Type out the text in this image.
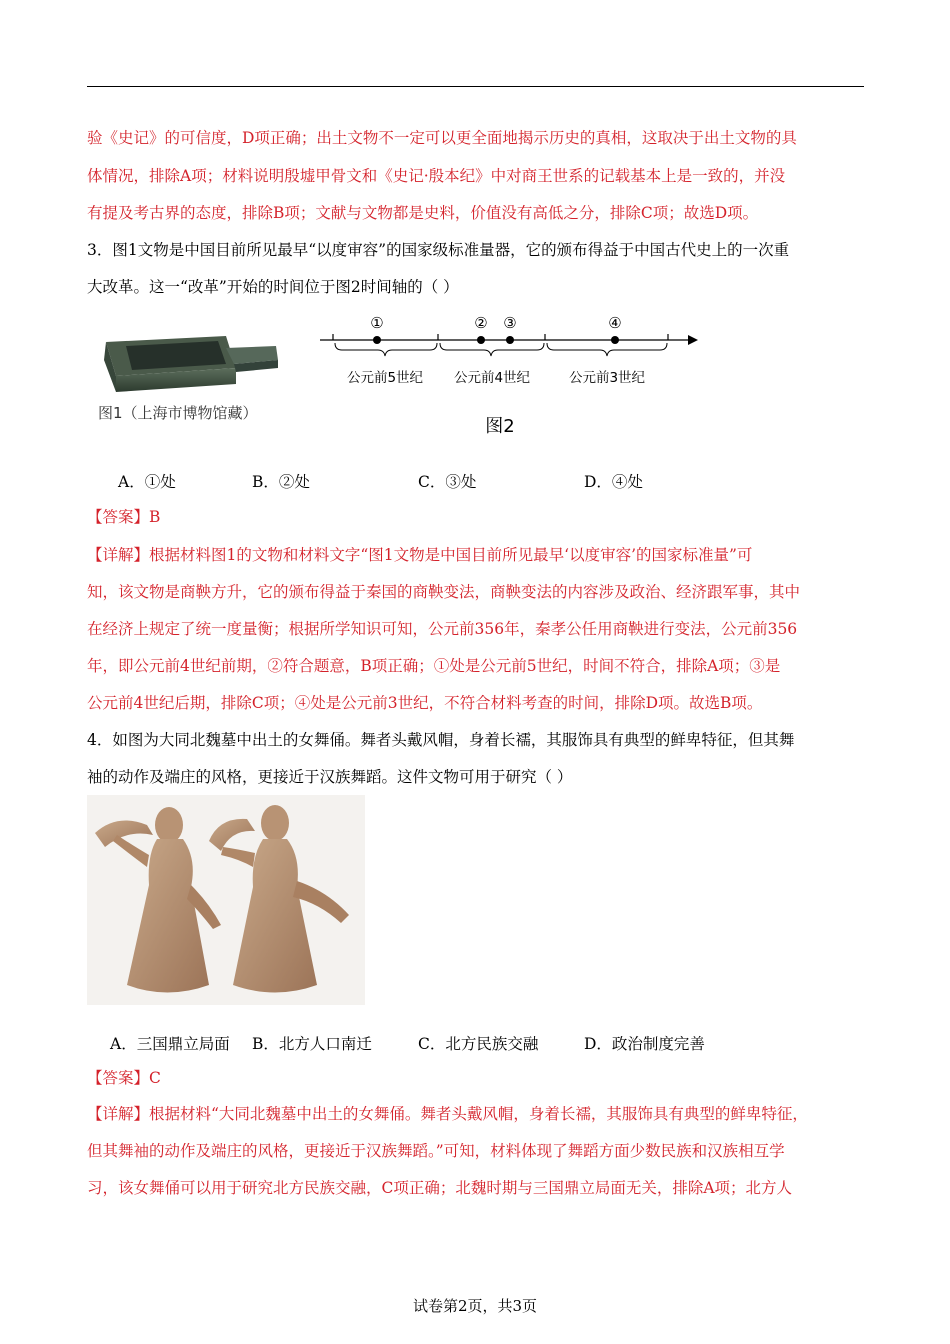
验《史记》的可信度，D项正确；出土文物不一定可以更全面地揭示历史的真相，这取决于出土文物的具
体情况，排除A项；材料说明殷墟甲骨文和《史记·殷本纪》中对商王世系的记载基本上是一致的，并没
有提及考古界的态度，排除B项；文献与文物都是史料，价值没有高低之分，排除C项；故选D项。
3．图1文物是中国目前所见最早“以度审容”的国家级标准量器，它的颁布得益于中国古代史上的一次重
大改革。这一“改革”开始的时间位于图2时间轴的（ ）
图1（上海市博物馆藏）
①	② ③	④
公元前5世纪 公元前4世纪	公元前3世纪
图2
A．①处	B．②处	C．③处	D．④处
【答案】B
【详解】根据材料图1的文物和材料文字“图1文物是中国目前所见最早‘以度审容’的国家标准量”可
知，该文物是商鞅方升，它的颁布得益于秦国的商鞅变法，商鞅变法的内容涉及政治、经济跟军事，其中
在经济上规定了统一度量衡；根据所学知识可知，公元前356年，秦孝公任用商鞅进行变法，公元前356
年，即公元前4世纪前期，②符合题意，B项正确；①处是公元前5世纪，时间不符合，排除A项；③是
公元前4世纪后期，排除C项；④处是公元前3世纪，不符合材料考查的时间，排除D项。故选B项。
4．如图为大同北魏墓中出土的女舞俑。舞者头戴风帽，身着长襦，其服饰具有典型的鲜卑特征，但其舞
袖的动作及端庄的风格，更接近于汉族舞蹈。这件文物可用于研究（ ）
A．三国鼎立局面 B．北方人口南迁	C．北方民族交融	D．政治制度完善
【答案】C
【详解】根据材料“大同北魏墓中出土的女舞俑。舞者头戴风帽，身着长襦，其服饰具有典型的鲜卑特征，
但其舞袖的动作及端庄的风格，更接近于汉族舞蹈。”可知，材料体现了舞蹈方面少数民族和汉族相互学
习，该女舞俑可以用于研究北方民族交融，C项正确；北魏时期与三国鼎立局面无关，排除A项；北方人
试卷第2页，共3页
